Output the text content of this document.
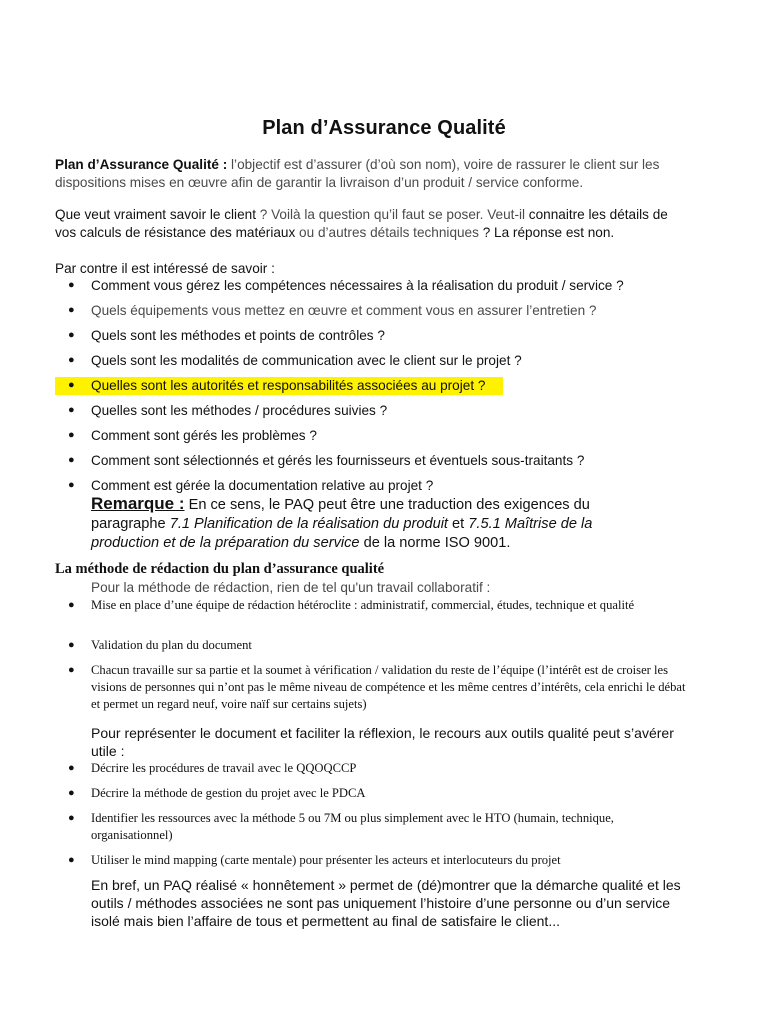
Plan d’Assurance Qualité
Plan d’Assurance Qualité : l’objectif est d’assurer (d’où son nom), voire de rassurer le client sur les dispositions mises en œuvre afin de garantir la livraison d’un produit / service conforme.
Que veut vraiment savoir le client ? Voilà la question qu’il faut se poser. Veut-il connaitre les détails de vos calculs de résistance des matériaux ou d’autres détails techniques ? La réponse est non.
Par contre il est intéressé de savoir :
● Comment vous gérez les compétences nécessaires à la réalisation du produit / service ?
● Quels équipements vous mettez en œuvre et comment vous en assurer l’entretien ?
● Quels sont les méthodes et points de contrôles ?
● Quels sont les modalités de communication avec le client sur le projet ?
● Quelles sont les autorités et responsabilités associées au projet ?
● Quelles sont les méthodes / procédures suivies ?
● Comment sont gérés les problèmes ?
● Comment sont sélectionnés et gérés les fournisseurs et éventuels sous-traitants ?
● Comment est gérée la documentation relative au projet ?
Remarque : En ce sens, le PAQ peut être une traduction des exigences du paragraphe 7.1 Planification de la réalisation du produit et 7.5.1 Maîtrise de la production et de la préparation du service de la norme ISO 9001.
La méthode de rédaction du plan d’assurance qualité
Pour la méthode de rédaction, rien de tel qu'un travail collaboratif :
● Mise en place d’une équipe de rédaction hétéroclite : administratif, commercial, études, technique et qualité
● Validation du plan du document
● Chacun travaille sur sa partie et la soumet à vérification / validation du reste de l’équipe (l’intérêt est de croiser les visions de personnes qui n’ont pas le même niveau de compétence et les même centres d’intérêts, cela enrichi le débat et permet un regard neuf, voire naïf sur certains sujets)
Pour représenter le document et faciliter la réflexion, le recours aux outils qualité peut s’avérer utile :
● Décrire les procédures de travail avec le QQOQCCP
● Décrire la méthode de gestion du projet avec le PDCA
● Identifier les ressources avec la méthode 5 ou 7M ou plus simplement avec le HTO (humain, technique, organisationnel)
● Utiliser le mind mapping (carte mentale) pour présenter les acteurs et interlocuteurs du projet
En bref, un PAQ réalisé « honnêtement » permet de (dé)montrer que la démarche qualité et les outils / méthodes associées ne sont pas uniquement l’histoire d’une personne ou d’un service isolé mais bien l’affaire de tous et permettent au final de satisfaire le client...
